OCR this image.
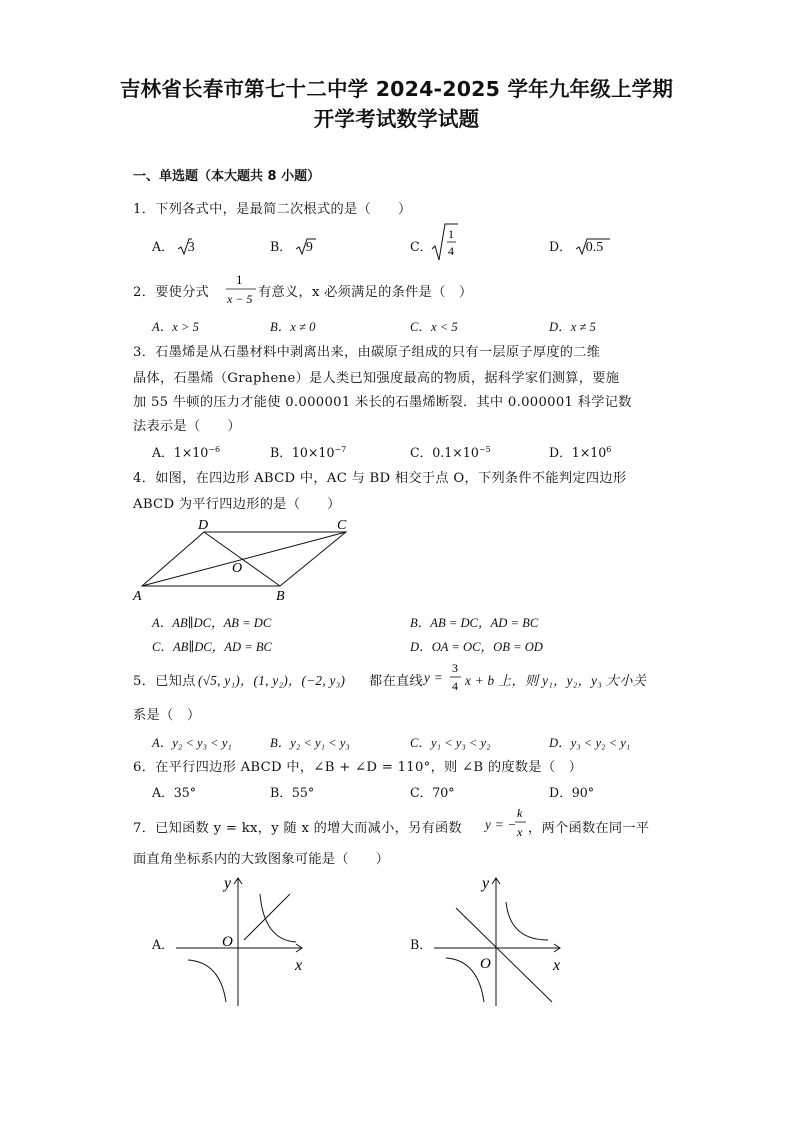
吉林省长春市第七十二中学 2024-2025 学年九年级上学期
开学考试数学试题
一、单选题（本大题共 8 小题）
1．下列各式中，是最简二次根式的是（　　）
A． 3	B． 9	C．
1
4	D． 0.5
2．要使分式
1
x − 5 有意义，x 必须满足的条件是（　）
A．x > 5	B．x ≠ 0	C．x < 5	D．x ≠ 5
3．石墨烯是从石墨材料中剥离出来，由碳原子组成的只有一层原子厚度的二维
晶体，石墨烯（Graphene）是人类已知强度最高的物质，据科学家们测算，要施
加 55 牛顿的压力才能使 0.000001 米长的石墨烯断裂．其中 0.000001 科学记数
法表示是（　　）
A．$1\times 10^{-6}$	B．$10\times 10^{-7}$	C．$0.1\times 10^{-5}$	D．$1\times 10^6$
4．如图，在四边形 ABCD 中，AC 与 BD 相交于点 O，下列条件不能判定四边形
ABCD 为平行四边形的是（　　）
A	B
C
D
O
A．AB∥DC，AB = DC	B．AB = DC，AD = BC
C．AB∥DC，AD = BC	D．OA = OC，OB = OD
5．已知点 (√5, y₁)，(1, y₂)，(−2, y₃) 都在直线 y =
3
4 x + b 上，则 y₁，y₂，y₃ 大小关
系是（　）
A．y₂ < y₃ < y₁	B．y₂ < y₁ < y₃	C．y₁ < y₃ < y₂	D．y₃ < y₂ < y₁
6．在平行四边形 ABCD 中，∠B + ∠D = 110°，则 ∠B 的度数是（　）
A．35°	B．55°	C．70°	D．90°
7．已知函数 y = kx，y 随 x 的增大而减小，另有函数 y = −
k
x ，两个函数在同一平
面直角坐标系内的大致图象可能是（　　）
A．
y
x
O	B．
y
x
O
